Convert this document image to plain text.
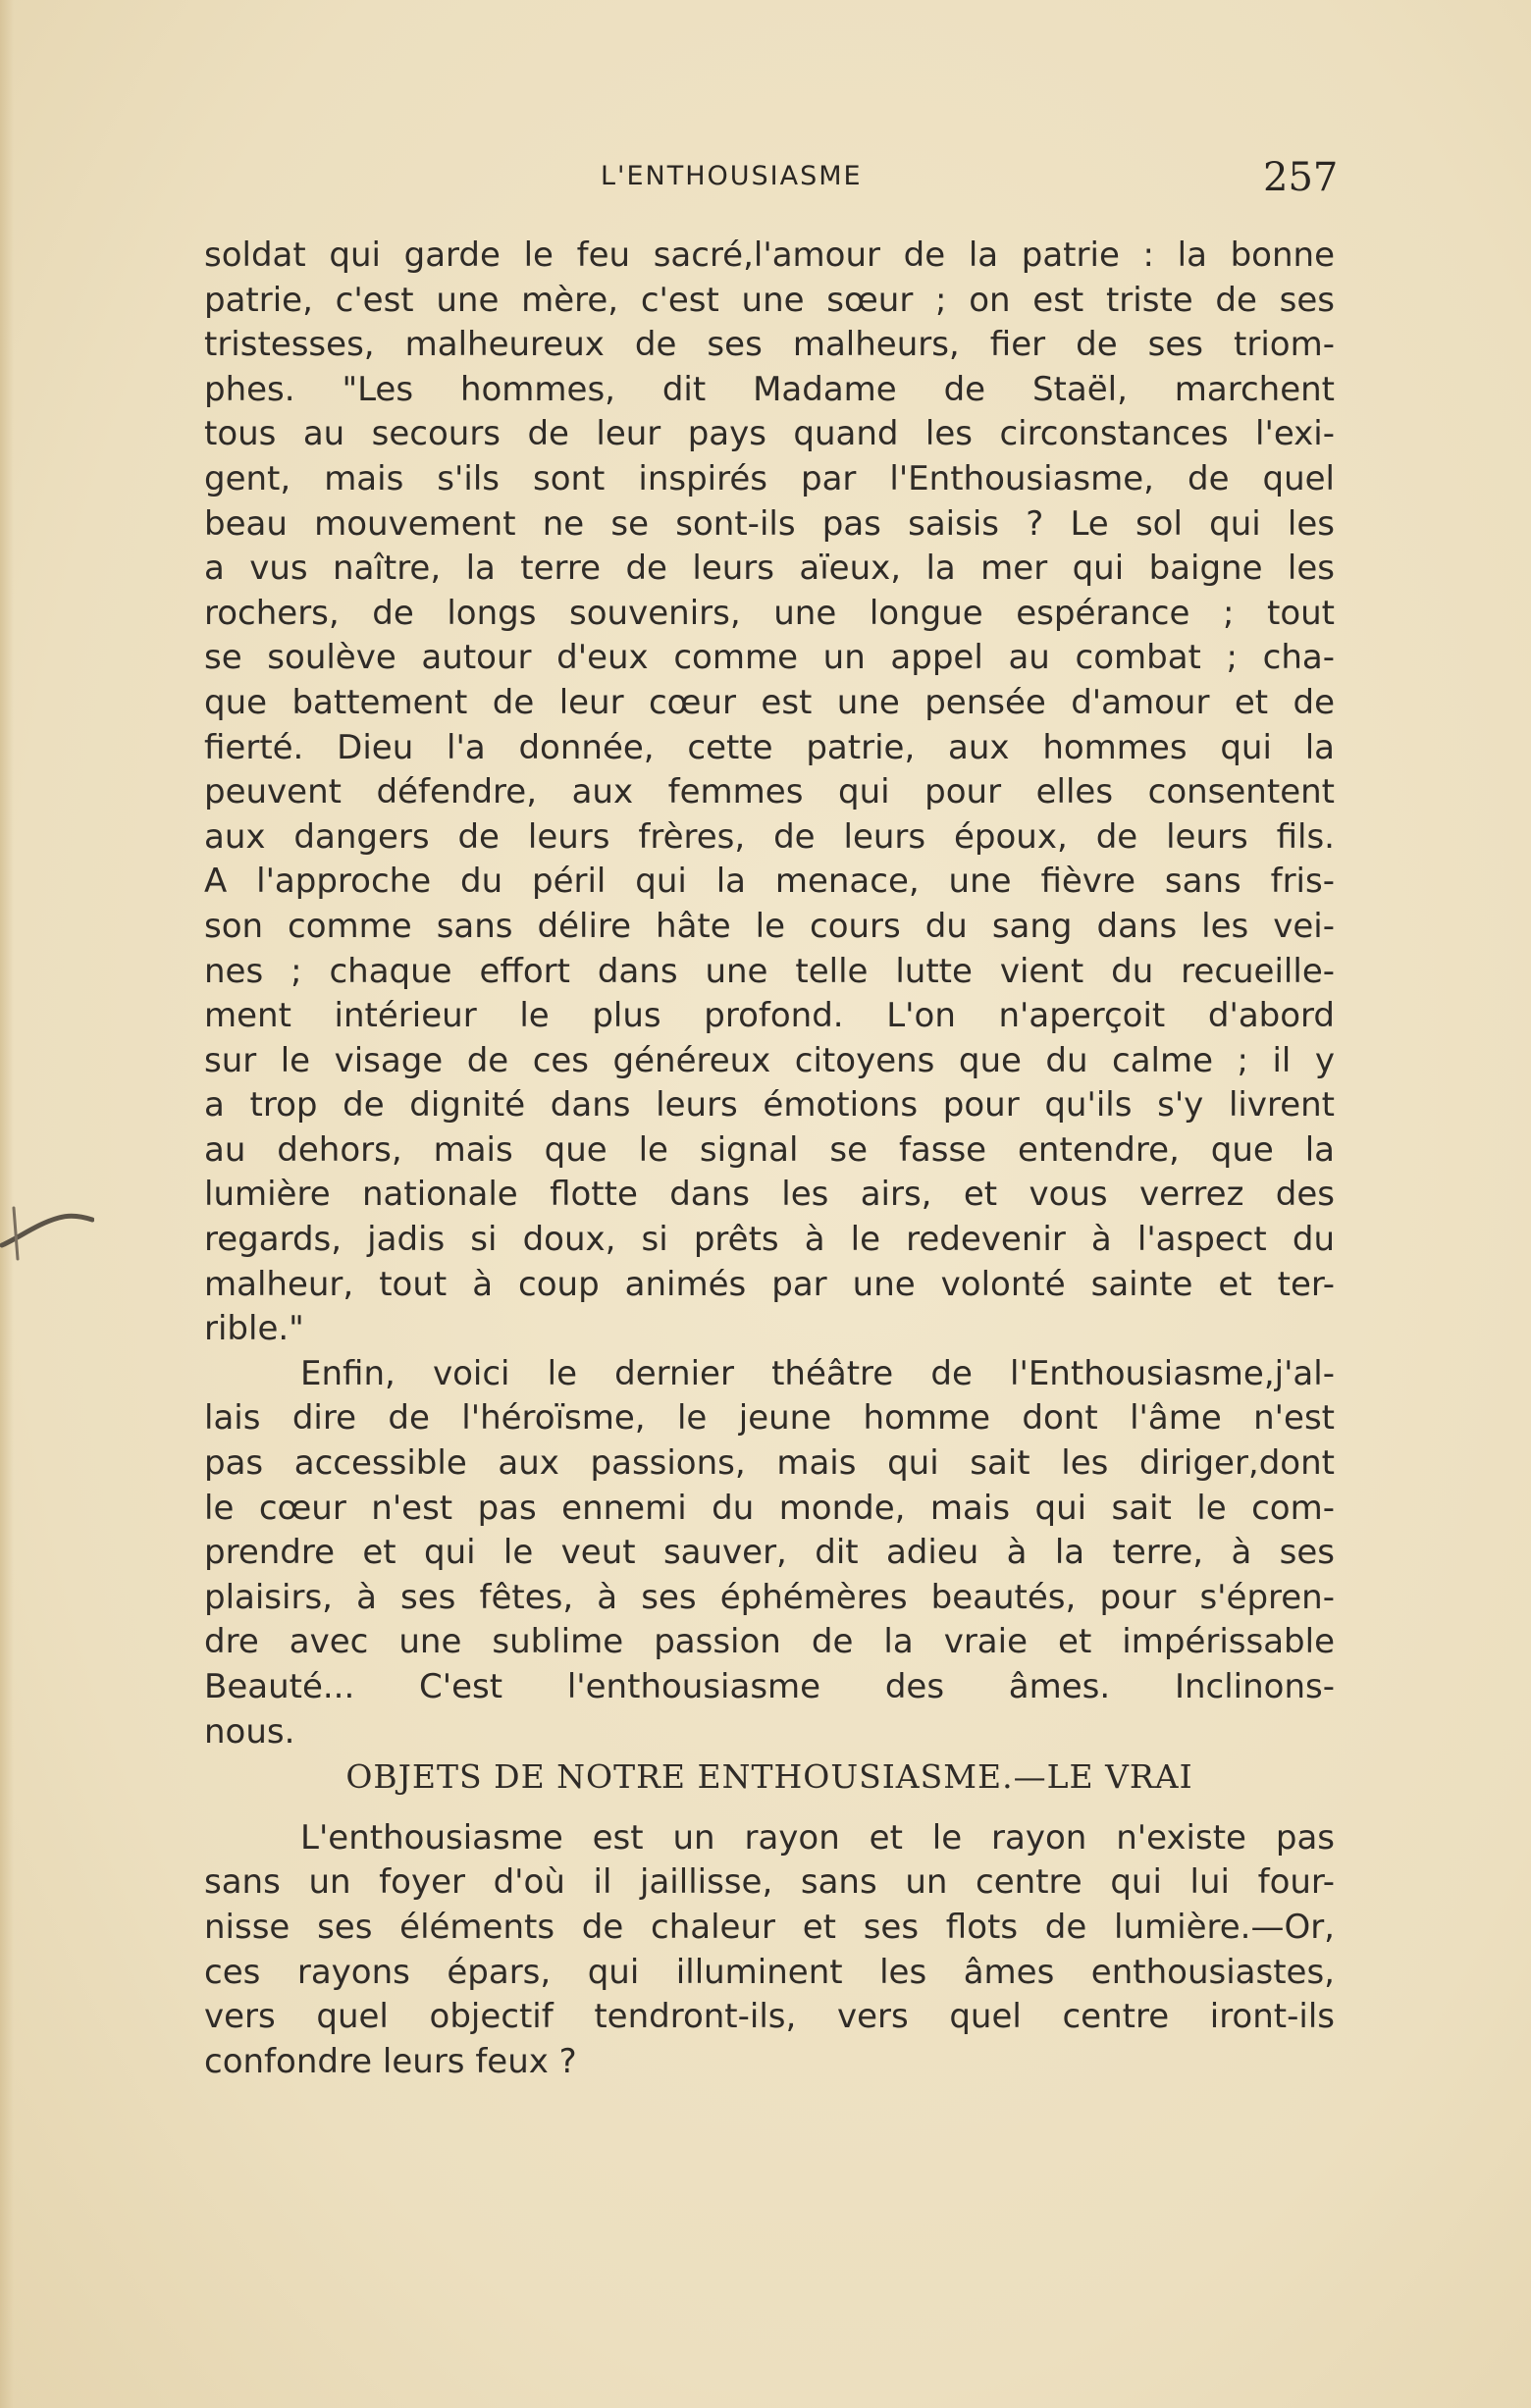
L'ENTHOUSIASME	257
soldat qui garde le feu sacré,l'amour de la patrie : la bonne
patrie, c'est une mère, c'est une sœur ; on est triste de ses
tristesses, malheureux de ses malheurs, fier de ses triom-
phes. "Les hommes, dit Madame de Staël, marchent
tous au secours de leur pays quand les circonstances l'exi-
gent, mais s'ils sont inspirés par l'Enthousiasme, de quel
beau mouvement ne se sont-ils pas saisis ? Le sol qui les
a vus naître, la terre de leurs aïeux, la mer qui baigne les
rochers, de longs souvenirs, une longue espérance ; tout
se soulève autour d'eux comme un appel au combat ; cha-
que battement de leur cœur est une pensée d'amour et de
fierté. Dieu l'a donnée, cette patrie, aux hommes qui la
peuvent défendre, aux femmes qui pour elles consentent
aux dangers de leurs frères, de leurs époux, de leurs fils.
A l'approche du péril qui la menace, une fièvre sans fris-
son comme sans délire hâte le cours du sang dans les vei-
nes ; chaque effort dans une telle lutte vient du recueille-
ment intérieur le plus profond. L'on n'aperçoit d'abord
sur le visage de ces généreux citoyens que du calme ; il y
a trop de dignité dans leurs émotions pour qu'ils s'y livrent
au dehors, mais que le signal se fasse entendre, que la
lumière nationale flotte dans les airs, et vous verrez des
regards, jadis si doux, si prêts à le redevenir à l'aspect du
malheur, tout à coup animés par une volonté sainte et ter-
rible."
Enfin, voici le dernier théâtre de l'Enthousiasme,j'al-
lais dire de l'héroïsme, le jeune homme dont l'âme n'est
pas accessible aux passions, mais qui sait les diriger,dont
le cœur n'est pas ennemi du monde, mais qui sait le com-
prendre et qui le veut sauver, dit adieu à la terre, à ses
plaisirs, à ses fêtes, à ses éphémères beautés, pour s'épren-
dre avec une sublime passion de la vraie et impérissable
Beauté... C'est l'enthousiasme des âmes. Inclinons-
nous.
OBJETS DE NOTRE ENTHOUSIASME.—LE VRAI
L'enthousiasme est un rayon et le rayon n'existe pas
sans un foyer d'où il jaillisse, sans un centre qui lui four-
nisse ses éléments de chaleur et ses flots de lumière.—Or,
ces rayons épars, qui illuminent les âmes enthousiastes,
vers quel objectif tendront-ils, vers quel centre iront-ils
confondre leurs feux ?
